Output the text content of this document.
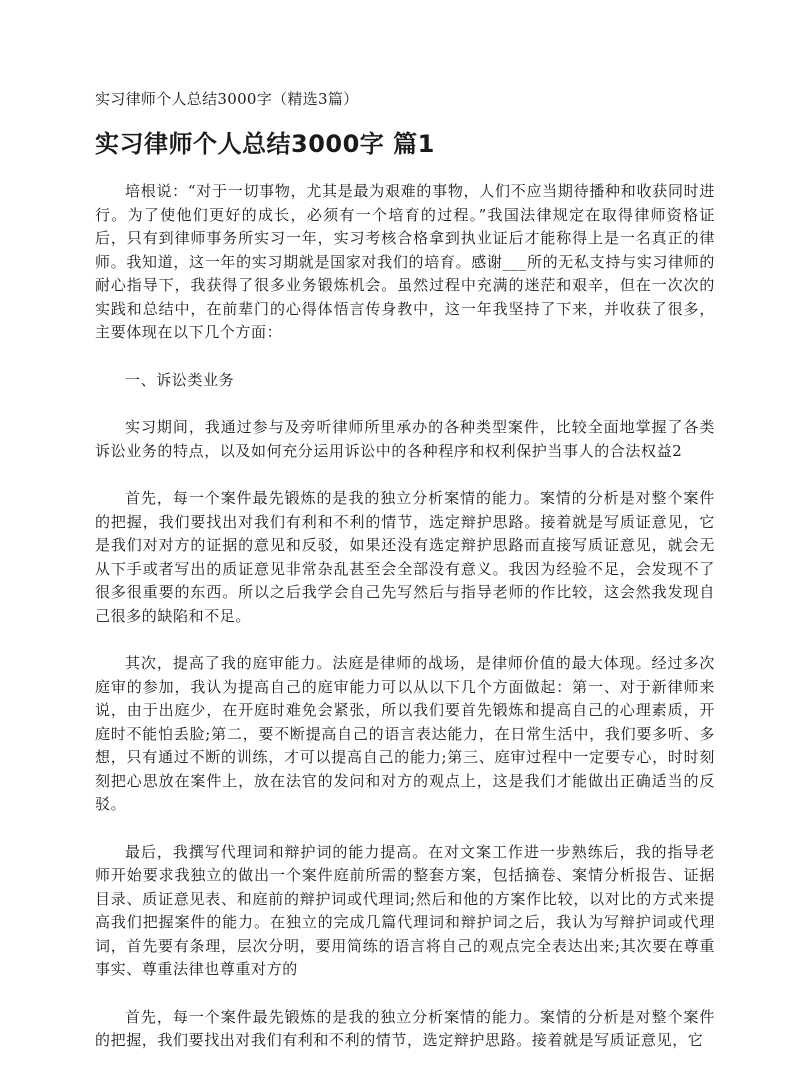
实习律师个人总结3000字（精选3篇）
实习律师个人总结3000字 篇1

培根说：“对于一切事物，尤其是最为艰难的事物，人们不应当期待播种和收获同时进行。为了使他们更好的成长，必须有一个培育的过程。”我国法律规定在取得律师资格证后，只有到律师事务所实习一年，实习考核合格拿到执业证后才能称得上是一名真正的律师。我知道，这一年的实习期就是国家对我们的培育。感谢___所的无私支持与实习律师的耐心指导下，我获得了很多业务锻炼机会。虽然过程中充满的迷茫和艰辛，但在一次次的实践和总结中，在前辈门的心得体悟言传身教中，这一年我坚持了下来，并收获了很多，主要体现在以下几个方面：

一、诉讼类业务

实习期间，我通过参与及旁听律师所里承办的各种类型案件，比较全面地掌握了各类诉讼业务的特点，以及如何充分运用诉讼中的各种程序和权利保护当事人的合法权益2

首先，每一个案件最先锻炼的是我的独立分析案情的能力。案情的分析是对整个案件的把握，我们要找出对我们有利和不利的情节，选定辩护思路。接着就是写质证意见，它是我们对对方的证据的意见和反驳，如果还没有选定辩护思路而直接写质证意见，就会无从下手或者写出的质证意见非常杂乱甚至会全部没有意义。我因为经验不足，会发现不了很多很重要的东西。所以之后我学会自己先写然后与指导老师的作比较，这会然我发现自己很多的缺陷和不足。

其次，提高了我的庭审能力。法庭是律师的战场，是律师价值的最大体现。经过多次庭审的参加，我认为提高自己的庭审能力可以从以下几个方面做起：第一、对于新律师来说，由于出庭少，在开庭时难免会紧张，所以我们要首先锻炼和提高自己的心理素质，开庭时不能怕丢脸;第二，要不断提高自己的语言表达能力，在日常生活中，我们要多听、多想，只有通过不断的训练，才可以提高自己的能力;第三、庭审过程中一定要专心，时时刻刻把心思放在案件上，放在法官的发问和对方的观点上，这是我们才能做出正确适当的反驳。

最后，我撰写代理词和辩护词的能力提高。在对文案工作进一步熟练后，我的指导老师开始要求我独立的做出一个案件庭前所需的整套方案，包括摘卷、案情分析报告、证据目录、质证意见表、和庭前的辩护词或代理词;然后和他的方案作比较，以对比的方式来提高我们把握案件的能力。在独立的完成几篇代理词和辩护词之后，我认为写辩护词或代理词，首先要有条理，层次分明，要用简练的语言将自己的观点完全表达出来;其次要在尊重事实、尊重法律也尊重对方的

首先，每一个案件最先锻炼的是我的独立分析案情的能力。案情的分析是对整个案件的把握，我们要找出对我们有利和不利的情节，选定辩护思路。接着就是写质证意见，它
